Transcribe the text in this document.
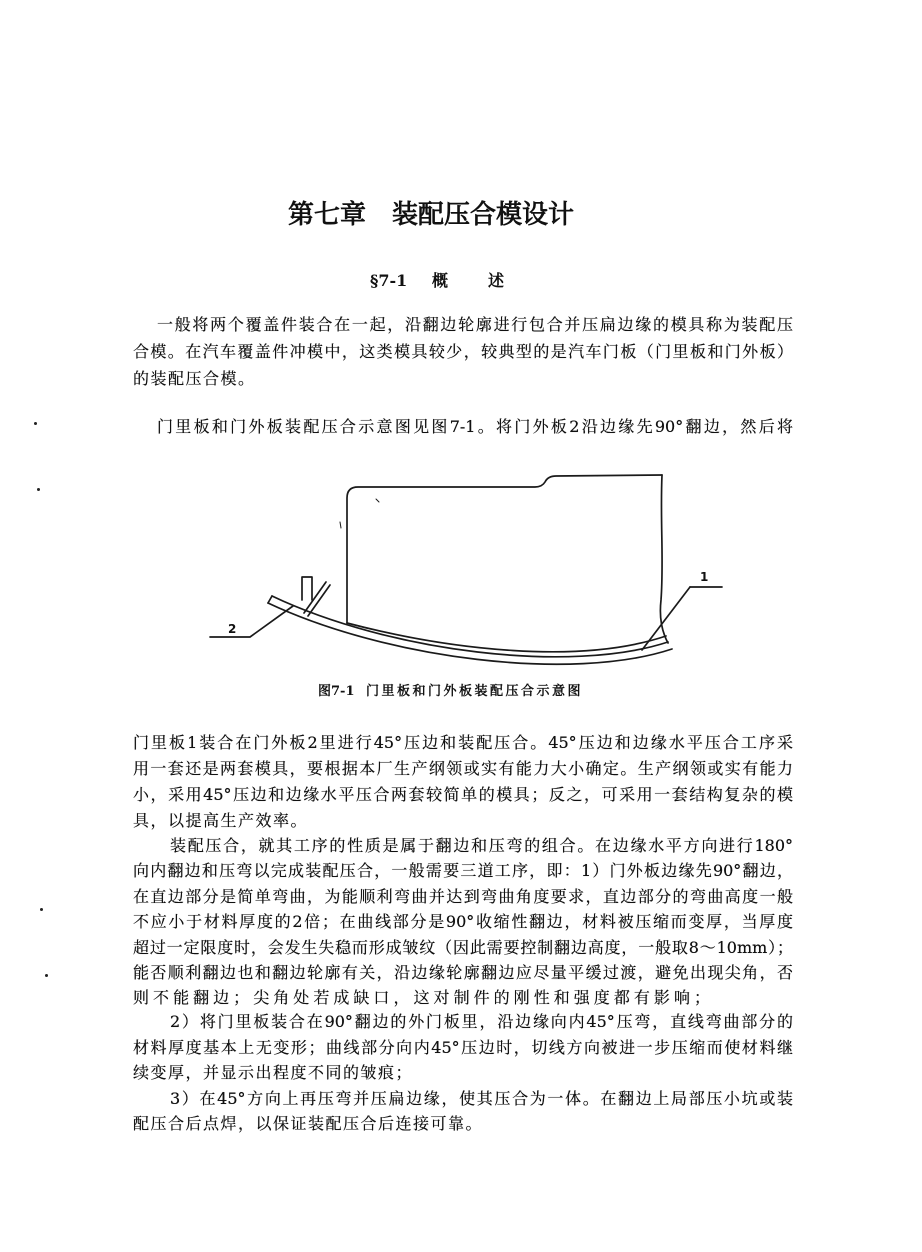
第七章 装配压合模设计
§7-1 概述
一般将两个覆盖件装合在一起，沿翻边轮廓进行包合并压扁边缘的模具称为装配压
合模。在汽车覆盖件冲模中，这类模具较少，较典型的是汽车门板（门里板和门外板）
的装配压合模。
门里板和门外板装配压合示意图见图7-1。将门外板2沿边缘先90°翻边，然后将
2
1
图7-1 门里板和门外板装配压合示意图
门里板1装合在门外板2里进行45°压边和装配压合。45°压边和边缘水平压合工序采
用一套还是两套模具，要根据本厂生产纲领或实有能力大小确定。生产纲领或实有能力
小，采用45°压边和边缘水平压合两套较简单的模具；反之，可采用一套结构复杂的模
具，以提高生产效率。
装配压合，就其工序的性质是属于翻边和压弯的组合。在边缘水平方向进行180°
向内翻边和压弯以完成装配压合，一般需要三道工序，即：1）门外板边缘先90°翻边，
在直边部分是简单弯曲，为能顺利弯曲并达到弯曲角度要求，直边部分的弯曲高度一般
不应小于材料厚度的2倍；在曲线部分是90°收缩性翻边，材料被压缩而变厚，当厚度
超过一定限度时，会发生失稳而形成皱纹（因此需要控制翻边高度，一般取8～10mm）；
能否顺利翻边也和翻边轮廓有关，沿边缘轮廓翻边应尽量平缓过渡，避免出现尖角，否
则不能翻边；尖角处若成缺口，这对制件的刚性和强度都有影响；
2）将门里板装合在90°翻边的外门板里，沿边缘向内45°压弯，直线弯曲部分的
材料厚度基本上无变形；曲线部分向内45°压边时，切线方向被进一步压缩而使材料继
续变厚，并显示出程度不同的皱痕；
3）在45°方向上再压弯并压扁边缘，使其压合为一体。在翻边上局部压小坑或装
配压合后点焊，以保证装配压合后连接可靠。
